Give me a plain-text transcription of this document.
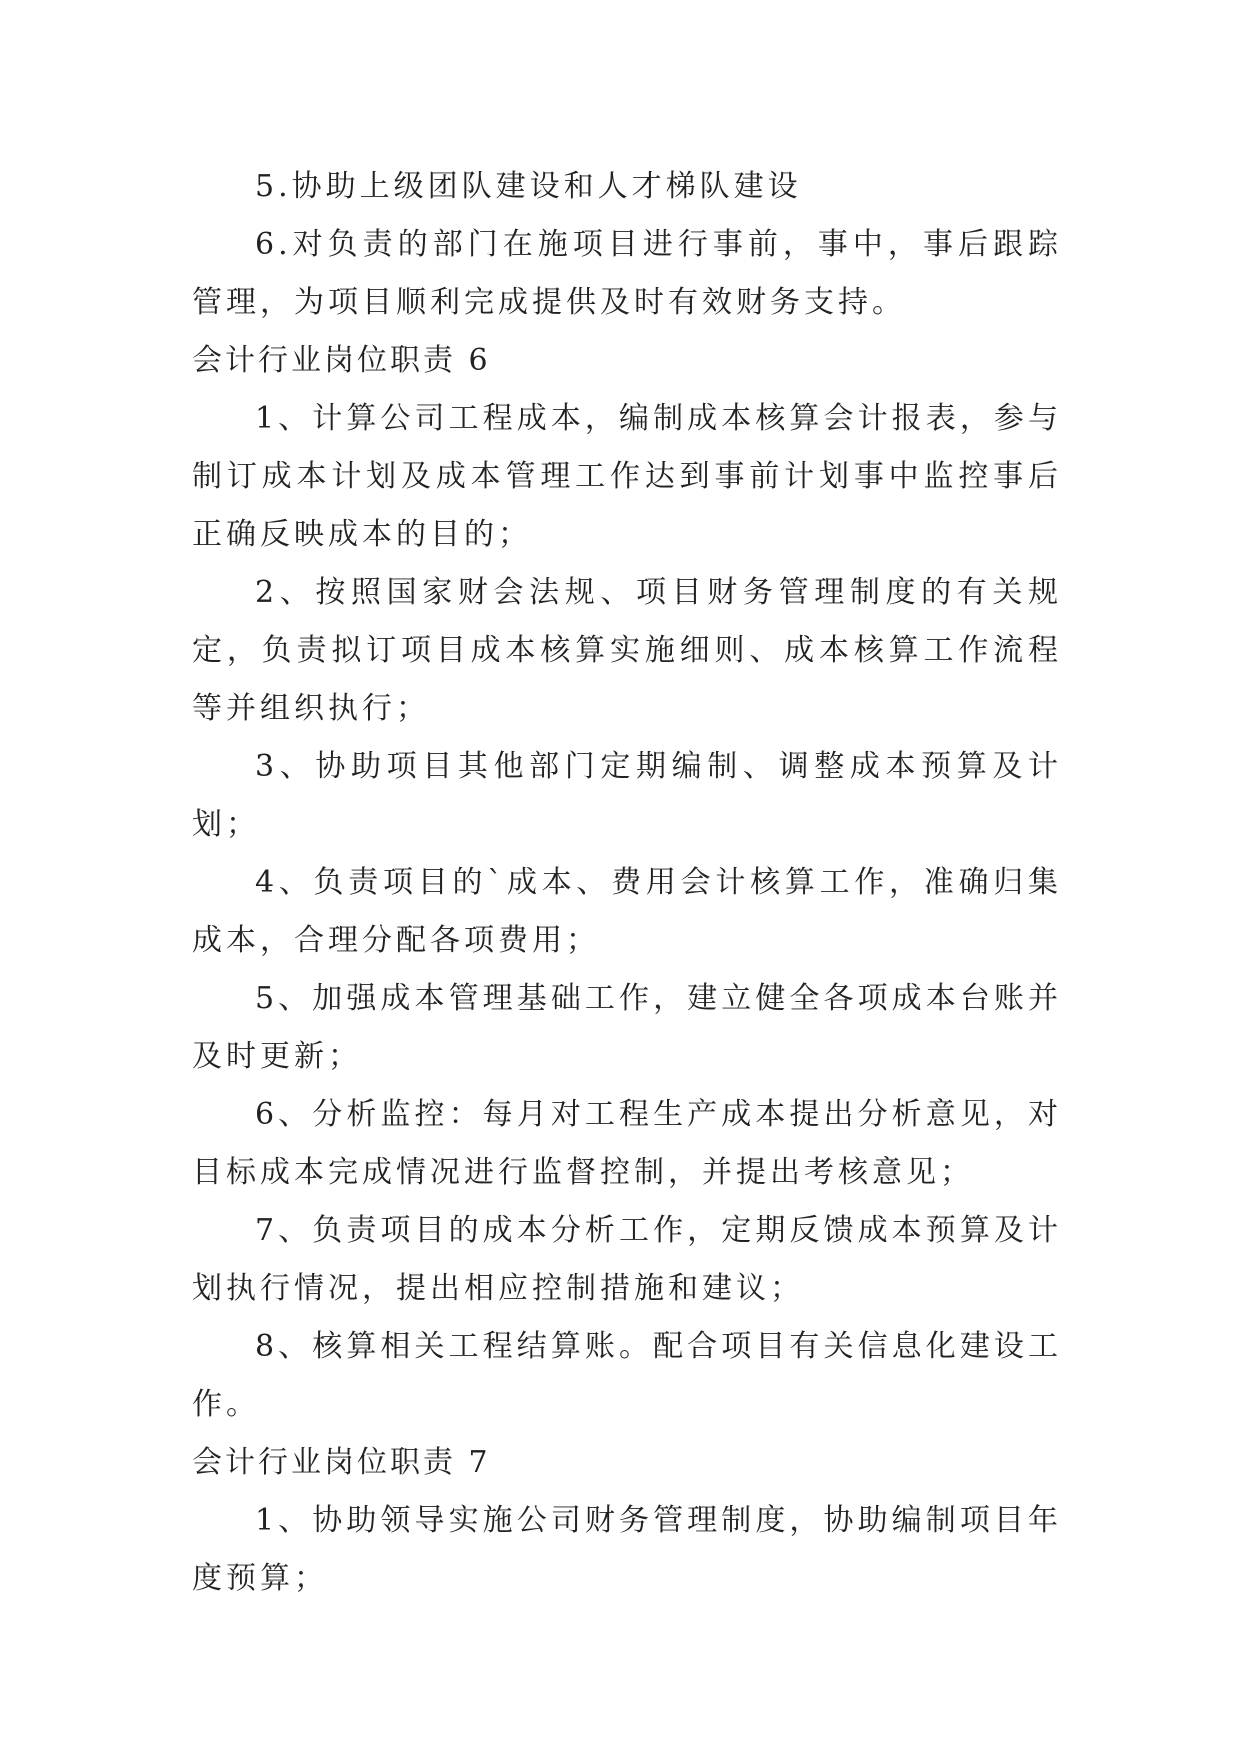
5.协助上级团队建设和人才梯队建设

6.对负责的部门在施项目进行事前，事中，事后跟踪管理，为项目顺利完成提供及时有效财务支持。

会计行业岗位职责 6

1、计算公司工程成本，编制成本核算会计报表，参与制订成本计划及成本管理工作达到事前计划事中监控事后正确反映成本的目的；

2、按照国家财会法规、项目财务管理制度的有关规定，负责拟订项目成本核算实施细则、成本核算工作流程等并组织执行；

3、协助项目其他部门定期编制、调整成本预算及计划；

4、负责项目的`成本、费用会计核算工作，准确归集成本，合理分配各项费用；

5、加强成本管理基础工作，建立健全各项成本台账并及时更新；

6、分析监控：每月对工程生产成本提出分析意见，对目标成本完成情况进行监督控制，并提出考核意见；

7、负责项目的成本分析工作，定期反馈成本预算及计划执行情况，提出相应控制措施和建议；

8、核算相关工程结算账。配合项目有关信息化建设工作。

会计行业岗位职责 7

1、协助领导实施公司财务管理制度，协助编制项目年度预算；
